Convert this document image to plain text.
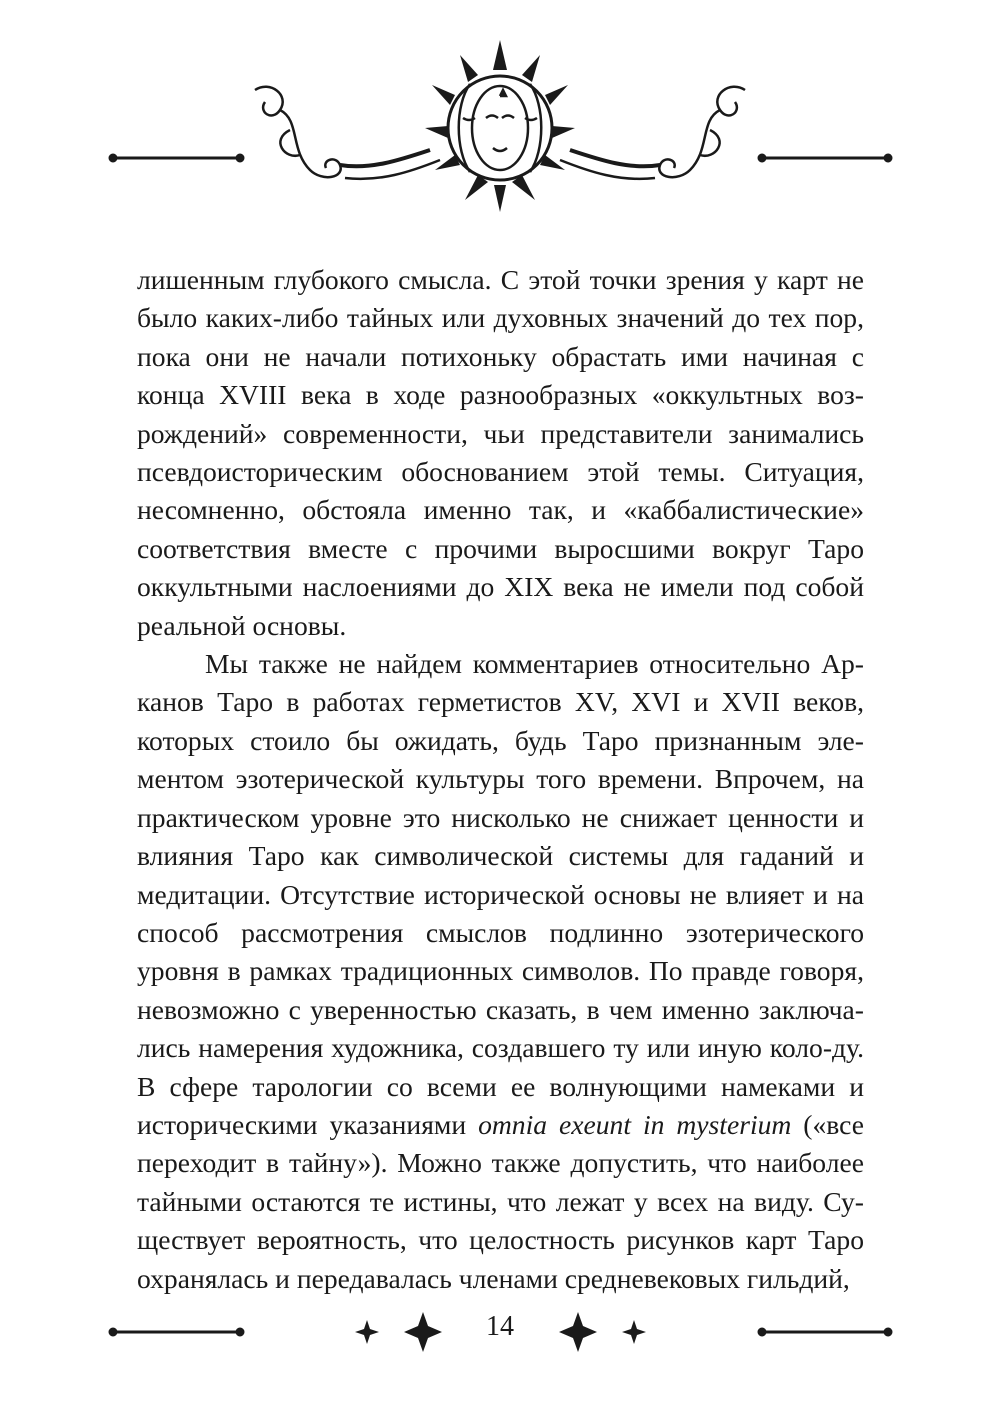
лишенным глубокого смысла. С этой точки зрения у карт не было каких-либо тайных или духовных значений до тех пор, пока они не начали потихоньку обрастать ими начиная с конца XVIII века в ходе разнообразных «оккультных воз-рождений» современности, чьи представители занимались псевдоисторическим обоснованием этой темы. Ситуация, несомненно, обстояла именно так, и «каббалистические» соответствия вместе с прочими выросшими вокруг Таро оккультными наслоениями до XIX века не имели под собой реальной основы.

Мы также не найдем комментариев относительно Ар-канов Таро в работах герметистов XV, XVI и XVII веков, которых стоило бы ожидать, будь Таро признанным эле-ментом эзотерической культуры того времени. Впрочем, на практическом уровне это нисколько не снижает ценности и влияния Таро как символической системы для гаданий и медитации. Отсутствие исторической основы не влияет и на способ рассмотрения смыслов подлинно эзотерического уровня в рамках традиционных символов. По правде говоря, невозможно с уверенностью сказать, в чем именно заключа-лись намерения художника, создавшего ту или иную коло-ду. В сфере тарологии со всеми ее волнующими намеками и историческими указаниями omnia exeunt in mysterium («все переходит в тайну»). Можно также допустить, что наиболее тайными остаются те истины, что лежат у всех на виду. Су-ществует вероятность, что целостность рисунков карт Таро охранялась и передавалась членами средневековых гильдий,

14
